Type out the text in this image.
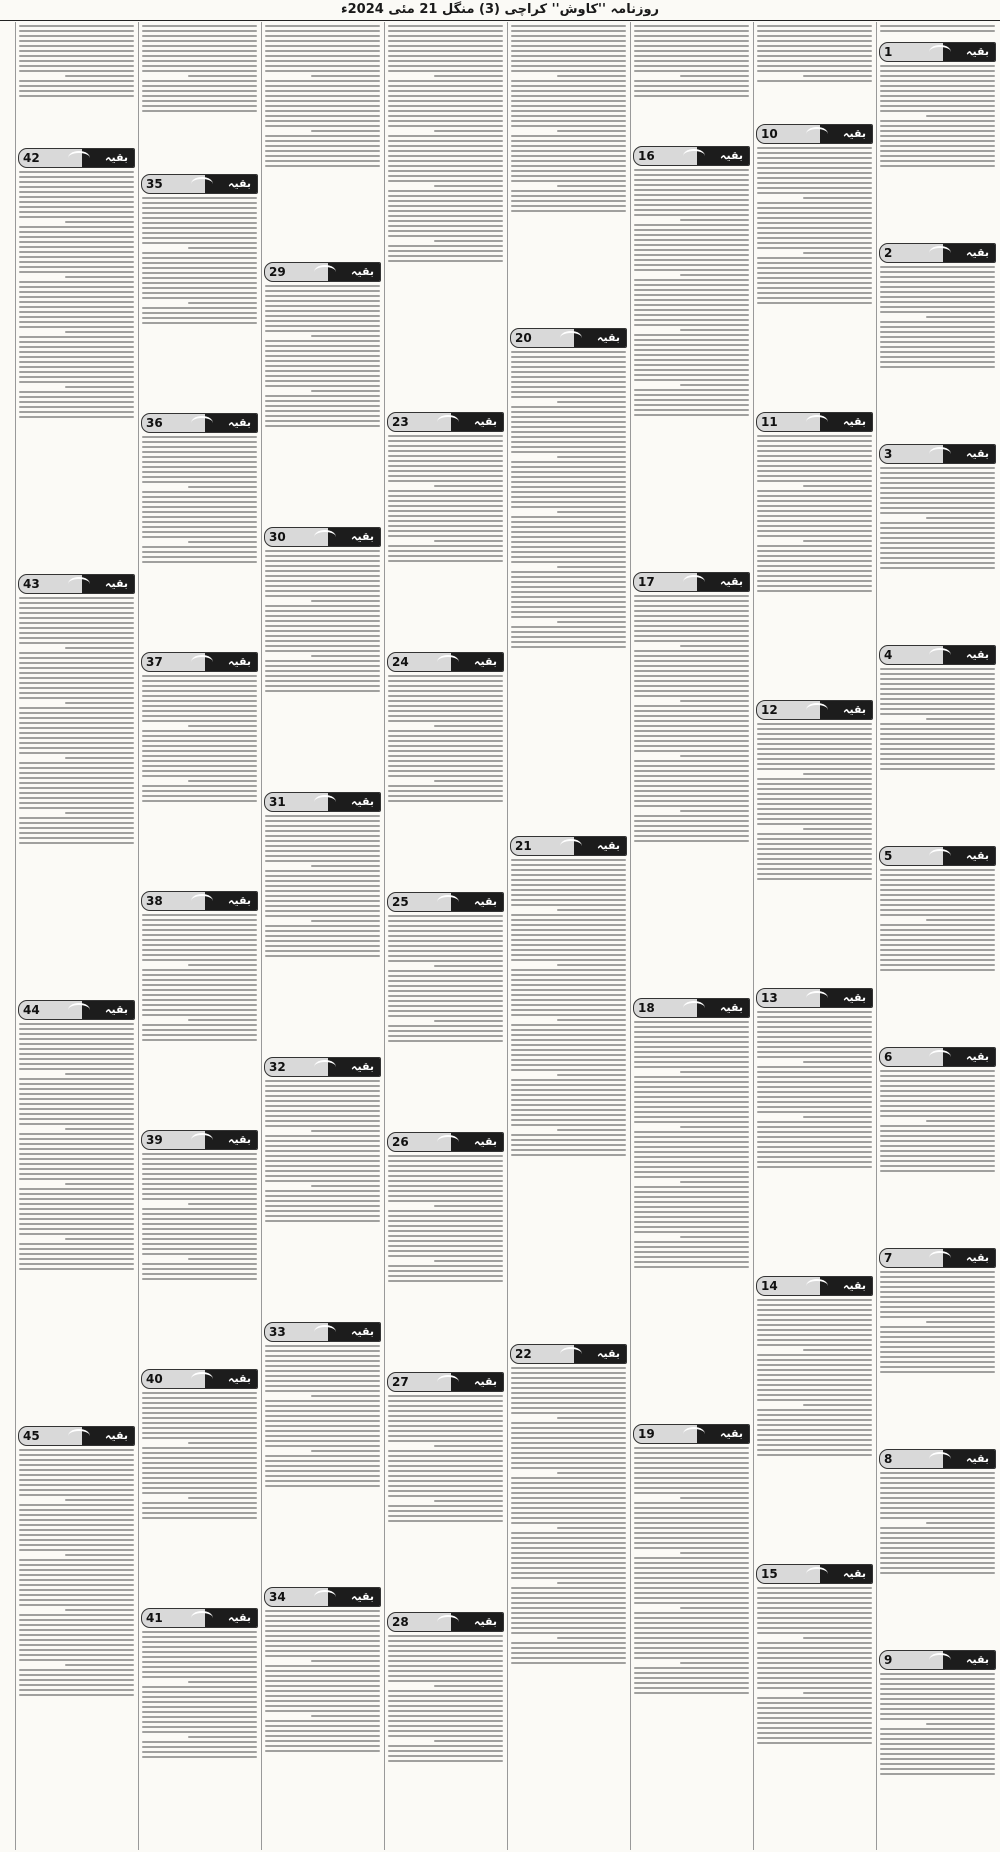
روزنامہ ''کاوش'' کراچی (3) منگل 21 مئی 2024ء
بقیہ
1
بقیہ
2
بقیہ
3
بقیہ
4
بقیہ
5
بقیہ
6
بقیہ
7
بقیہ
8
بقیہ
9
بقیہ
10
بقیہ
11
بقیہ
12
بقیہ
13
بقیہ
14
بقیہ
15
بقیہ
16
بقیہ
17
بقیہ
18
بقیہ
19
بقیہ
20
بقیہ
21
بقیہ
22
بقیہ
23
بقیہ
24
بقیہ
25
بقیہ
26
بقیہ
27
بقیہ
28
بقیہ
29
بقیہ
30
بقیہ
31
بقیہ
32
بقیہ
33
بقیہ
34
بقیہ
35
بقیہ
36
بقیہ
37
بقیہ
38
بقیہ
39
بقیہ
40
بقیہ
41
بقیہ
42
بقیہ
43
بقیہ
44
بقیہ
45
